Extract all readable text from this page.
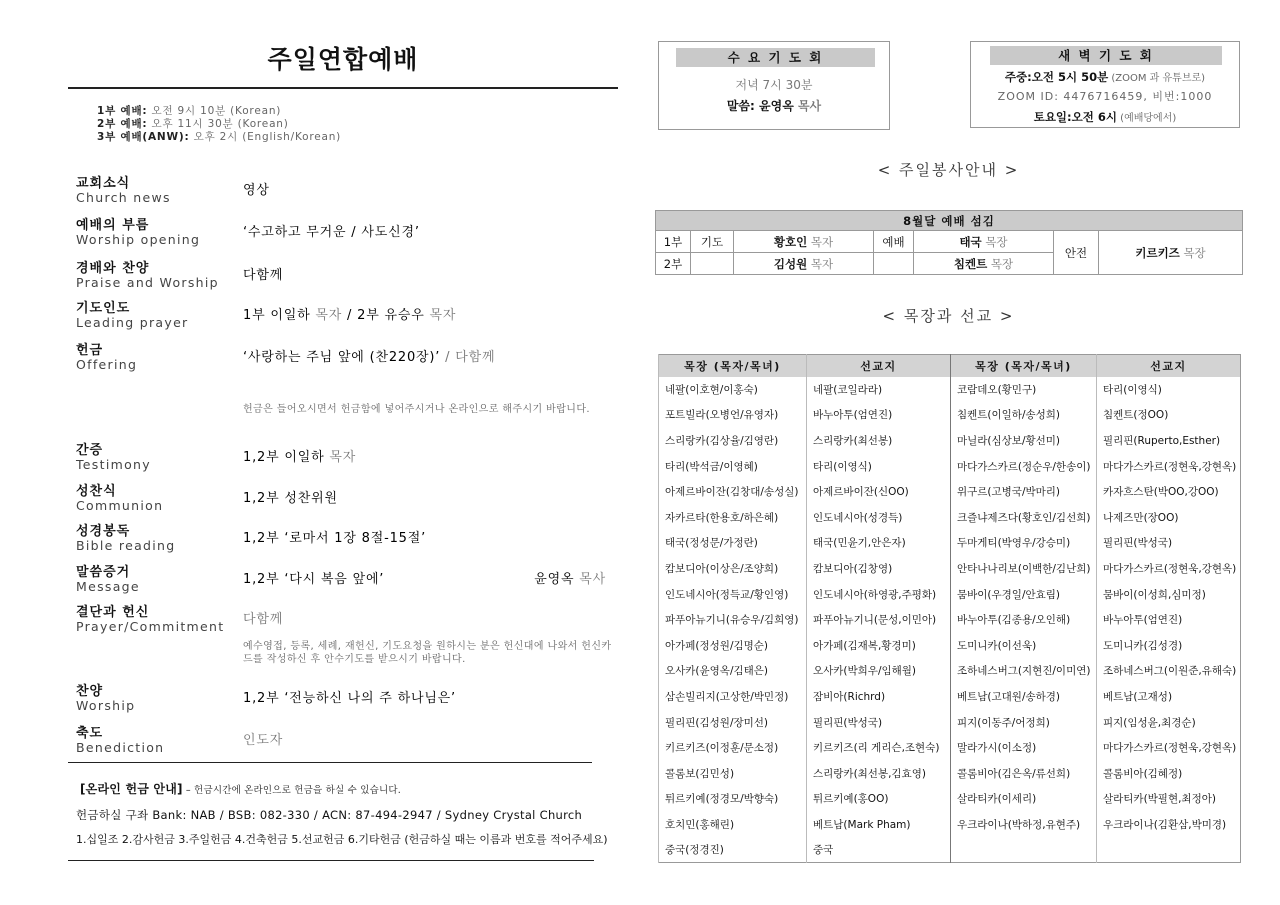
주일연합예배
1부 예배: 오전 9시 10분 (Korean)
2부 예배: 오후 11시 30분 (Korean)
3부 예배(ANW): 오후 2시 (English/Korean)
교회소식
Church news	영상
예배의 부름
Worship opening	‘수고하고 무거운 / 사도신경’
경배와 찬양
Praise and Worship	다함께
기도인도
Leading prayer	1부 이일하 목자 / 2부 유승우 목자
헌금
Offering	‘사랑하는 주님 앞에 (찬220장)’ / 다함께
헌금은 들어오시면서 헌금함에 넣어주시거나 온라인으로 해주시기 바랍니다.
간증
Testimony	1,2부 이일하 목자
성찬식
Communion	1,2부 성찬위원
성경봉독
Bible reading	1,2부 ‘로마서 1장 8절-15절’
말씀증거
Message	1,2부 ‘다시 복음 앞에’	윤영옥 목사
결단과 헌신
Prayer/Commitment	다함께
예수영접, 등록, 세례, 재헌신, 기도요청을 원하시는 분은 헌신대에 나와서 헌신카드를 작성하신 후 안수기도를 받으시기 바랍니다.
찬양
Worship	1,2부 ‘전능하신 나의 주 하나님은’
축도
Benediction	인도자
[온라인 헌금 안내] – 헌금시간에 온라인으로 헌금을 하실 수 있습니다.
헌금하실 구좌 Bank: NAB / BSB: 082-330 / ACN: 87-494-2947 / Sydney Crystal Church
1.십일조 2.감사헌금 3.주일헌금 4.건축헌금 5.선교헌금 6.기타헌금 (헌금하실 때는 이름과 번호를 적어주세요)
수 요 기 도 회
저녁 7시 30분
말씀: 윤영옥 목사
새 벽 기 도 회
주중:오전 5시 50분 (ZOOM 과 유튜브로)
ZOOM ID: 4476716459, 비번:1000
토요일:오전 6시 (예배당에서)
< 주일봉사안내 >
8월달 예배 섬김						
1부	기도	황호인 목자	예배	태국 목장	안전	키르키즈 목장
2부		김성원 목자		침켄트 목장		
< 목장과 선교 >
목장 (목자/목녀)	선교지	목장 (목자/목녀)	선교지
네팔(이호현/이홍숙)	네팔(코일라라)	코람데오(황민구)	타리(이영식)
포트빌라(오병언/유영자)	바누아투(엄연진)	침켄트(이일하/송성희)	침켄트(정OO)
스리랑카(김상율/김영란)	스리랑카(최선봉)	마닐라(심상보/황선미)	필리핀(Ruperto,Esther)
타리(박석금/이영혜)	타리(이영식)	마다가스카르(정순우/한송이)	마다가스카르(정현욱,강현옥)
아제르바이잔(김창대/송성실)	아제르바이잔(신OO)	위구르(고병국/박마리)	카자흐스탄(박OO,강OO)
자카르타(한용호/하은혜)	인도네시아(성경득)	크즐냐제즈다(황호인/김선희)	나제즈만(장OO)
태국(정성문/가정란)	태국(민윤기,안은자)	두마게티(박영우/강승미)	필리핀(박성국)
캄보디아(이상은/조양희)	캄보디아(김창영)	안타나나리보(이백한/김난희)	마다가스카르(정현욱,강현옥)
인도네시아(정득교/황인영)	인도네시아(하영광,주평화)	뭄바이(우경일/안효림)	뭄바이(이성희,심미정)
파푸아뉴기니(유승우/김희영)	파푸아뉴기니(문성,이민아)	바누아투(김종용/오인해)	바누아투(엄연진)
아가페(정성원/김명순)	아가페(김재복,황경미)	도미니카(이선욱)	도미니카(김성경)
오사카(윤영옥/김태은)	오사카(박희우/임해월)	조하네스버그(지현진/이미연)	조하네스버그(이원준,유해숙)
삼손빌리지(고상한/박민정)	잠비아(Richrd)	베트남(고대원/송하경)	베트남(고재성)
필리핀(김성원/장미선)	필리핀(박성국)	피지(이동주/어정희)	피지(임성윤,최경순)
키르키즈(이정훈/문소정)	키르키즈(리 게리슨,조현숙)	말라가시(이소정)	마다가스카르(정현욱,강현옥)
콜롬보(김민성)	스리랑카(최선봉,김효영)	콜롬비아(김은옥/류선희)	콜롬비아(김혜정)
튀르키예(정경모/박향숙)	튀르키예(홍OO)	살라티카(이세리)	살라티카(박필현,최정아)
호치민(홍해린)	베트남(Mark Pham)	우크라이나(박하정,유현주)	우크라이나(김환삼,박미경)
중국(정경진)	중국		
